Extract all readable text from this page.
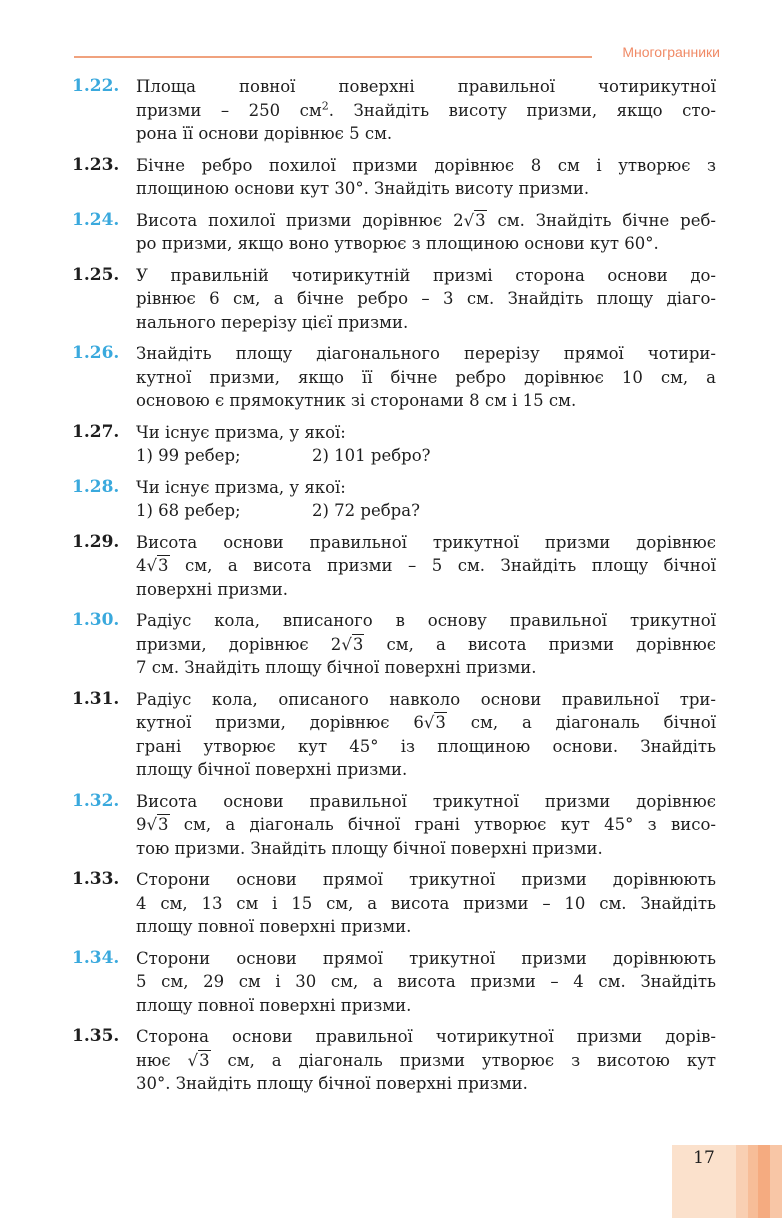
Многогранники
1.22.	Площа повної поверхні правильної чотирикутної
призми – 250 $см^2$. Знайдіть висоту призми, якщо сто-
рона її основи дорівнює 5 см.
1.23.	Бічне ребро похилої призми дорівнює 8 см і утворює з
площиною основи кут 30°. Знайдіть висоту призми.
1.24.	Висота похилої призми дорівнює 2√3 см. Знайдіть бічне реб-
ро призми, якщо воно утворює з площиною основи кут 60°.
1.25.	У правильній чотирикутній призмі сторона основи до-
рівнює 6 см, а бічне ребро – 3 см. Знайдіть площу діаго-
нального перерізу цієї призми.
1.26.	Знайдіть площу діагонального перерізу прямої чотири-
кутної призми, якщо її бічне ребро дорівнює 10 см, а
основою є прямокутник зі сторонами 8 см і 15 см.
1.27.	Чи існує призма, у якої:
1) 99 ребер;	2) 101 ребро?
1.28.	Чи існує призма, у якої:
1) 68 ребер;	2) 72 ребра?
1.29.	Висота основи правильної трикутної призми дорівнює
4√3 см, а висота призми – 5 см. Знайдіть площу бічної
поверхні призми.
1.30.	Радіус кола, вписаного в основу правильної трикутної
призми, дорівнює 2√3 см, а висота призми дорівнює
7 см. Знайдіть площу бічної поверхні призми.
1.31.	Радіус кола, описаного навколо основи правильної три-
кутної призми, дорівнює 6√3 см, а діагональ бічної
грані утворює кут 45° із площиною основи. Знайдіть
площу бічної поверхні призми.
1.32.	Висота основи правильної трикутної призми дорівнює
9√3 см, а діагональ бічної грані утворює кут 45° з висо-
тою призми. Знайдіть площу бічної поверхні призми.
1.33.	Сторони основи прямої трикутної призми дорівнюють
4 см, 13 см і 15 см, а висота призми – 10 см. Знайдіть
площу повної поверхні призми.
1.34.	Сторони основи прямої трикутної призми дорівнюють
5 см, 29 см і 30 см, а висота призми – 4 см. Знайдіть
площу повної поверхні призми.
1.35.	Сторона основи правильної чотирикутної призми дорів-
нює √3 см, а діагональ призми утворює з висотою кут
30°. Знайдіть площу бічної поверхні призми.
17
